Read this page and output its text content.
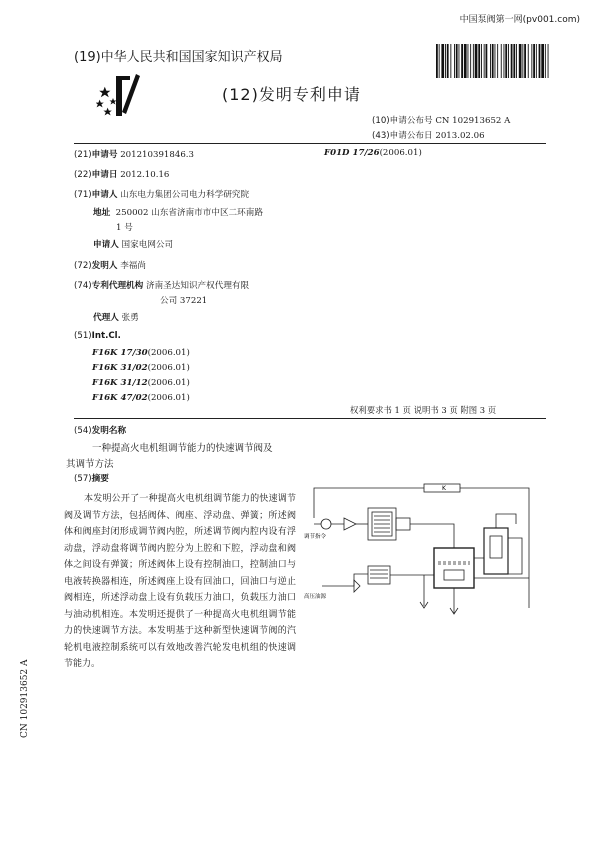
中国泵阀第一网(pv001.com)
(19)中华人民共和国国家知识产权局
(12)发明专利申请
(10)申请公布号 CN 102913652 A
(43)申请公布日 2013.02.06
(21)申请号 201210391846.3	F01D 17/26(2006.01)
(22)申请日 2012.10.16
(71)申请人 山东电力集团公司电力科学研究院
地址 250002 山东省济南市市中区二环南路
1 号
申请人 国家电网公司
(72)发明人 李福尚
(74)专利代理机构 济南圣达知识产权代理有限
公司 37221
代理人 张勇
(51)Int.Cl.
F16K 17/30(2006.01)
F16K 31/02(2006.01)
F16K 31/12(2006.01)
F16K 47/02(2006.01)
权利要求书 1 页 说明书 3 页 附图 3 页
(54)发明名称
一种提高火电机组调节能力的快速调节阀及
其调节方法
(57)摘要

本发明公开了一种提高火电机组调节能力的快速调节阀及调节方法，包括阀体、阀座、浮动盘、弹簧；所述阀体和阀座封闭形成调节阀内腔，所述调节阀内腔内设有浮动盘，浮动盘将调节阀内腔分为上腔和下腔，浮动盘和阀体之间设有弹簧；所述阀体上设有控制油口，控制油口与电液转换器相连，所述阀座上设有回油口，回油口与逆止阀相连，所述浮动盘上设有负载压力油口，负载压力油口与油动机相连。本发明还提供了一种提高火电机组调节能力的快速调节方法。本发明基于这种新型快速调节阀的汽轮机电液控制系统可以有效地改善汽轮发电机组的快速调节能力。

CN 102913652 A
K
调节指令
高压油源
